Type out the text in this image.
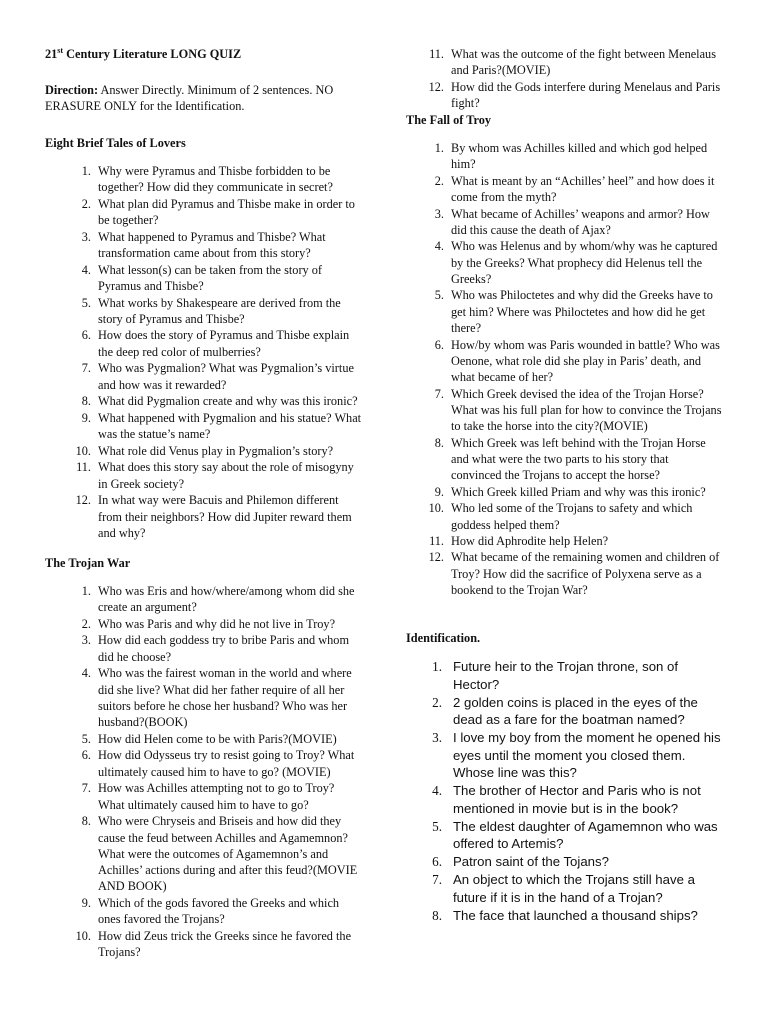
21st Century Literature LONG QUIZ
Direction: Answer Directly. Minimum of 2 sentences. NO ERASURE ONLY for the Identification.
Eight Brief Tales of Lovers
1. Why were Pyramus and Thisbe forbidden to be together? How did they communicate in secret?
2. What plan did Pyramus and Thisbe make in order to be together?
3. What happened to Pyramus and Thisbe? What transformation came about from this story?
4. What lesson(s) can be taken from the story of Pyramus and Thisbe?
5. What works by Shakespeare are derived from the story of Pyramus and Thisbe?
6. How does the story of Pyramus and Thisbe explain the deep red color of mulberries?
7. Who was Pygmalion? What was Pygmalion’s virtue and how was it rewarded?
8. What did Pygmalion create and why was this ironic?
9. What happened with Pygmalion and his statue? What was the statue’s name?
10. What role did Venus play in Pygmalion’s story?
11. What does this story say about the role of misogyny in Greek society?
12. In what way were Bacuis and Philemon different from their neighbors? How did Jupiter reward them and why?
The Trojan War
1. Who was Eris and how/where/among whom did she create an argument?
2. Who was Paris and why did he not live in Troy?
3. How did each goddess try to bribe Paris and whom did he choose?
4. Who was the fairest woman in the world and where did she live? What did her father require of all her suitors before he chose her husband? Who was her husband?(BOOK)
5. How did Helen come to be with Paris?(MOVIE)
6. How did Odysseus try to resist going to Troy? What ultimately caused him to have to go? (MOVIE)
7. How was Achilles attempting not to go to Troy? What ultimately caused him to have to go?
8. Who were Chryseis and Briseis and how did they cause the feud between Achilles and Agamemnon? What were the outcomes of Agamemnon’s and Achilles’ actions during and after this feud?(MOVIE AND BOOK)
9. Which of the gods favored the Greeks and which ones favored the Trojans?
10. How did Zeus trick the Greeks since he favored the Trojans?
11. What was the outcome of the fight between Menelaus and Paris?(MOVIE)
12. How did the Gods interfere during Menelaus and Paris fight?
The Fall of Troy
1. By whom was Achilles killed and which god helped him?
2. What is meant by an “Achilles’ heel” and how does it come from the myth?
3. What became of Achilles’ weapons and armor? How did this cause the death of Ajax?
4. Who was Helenus and by whom/why was he captured by the Greeks? What prophecy did Helenus tell the Greeks?
5. Who was Philoctetes and why did the Greeks have to get him? Where was Philoctetes and how did he get there?
6. How/by whom was Paris wounded in battle? Who was Oenone, what role did she play in Paris’ death, and what became of her?
7. Which Greek devised the idea of the Trojan Horse? What was his full plan for how to convince the Trojans to take the horse into the city?(MOVIE)
8. Which Greek was left behind with the Trojan Horse and what were the two parts to his story that convinced the Trojans to accept the horse?
9. Which Greek killed Priam and why was this ironic?
10. Who led some of the Trojans to safety and which goddess helped them?
11. How did Aphrodite help Helen?
12. What became of the remaining women and children of Troy? How did the sacrifice of Polyxena serve as a bookend to the Trojan War?
Identification.
1. Future heir to the Trojan throne, son of Hector?
2. 2 golden coins is placed in the eyes of the dead as a fare for the boatman named?
3. I love my boy from the moment he opened his eyes until the moment you closed them. Whose line was this?
4. The brother of Hector and Paris who is not mentioned in movie but is in the book?
5. The eldest daughter of Agamemnon who was offered to Artemis?
6. Patron saint of the Tojans?
7. An object to which the Trojans still have a future if it is in the hand of a Trojan?
8. The face that launched a thousand ships?
